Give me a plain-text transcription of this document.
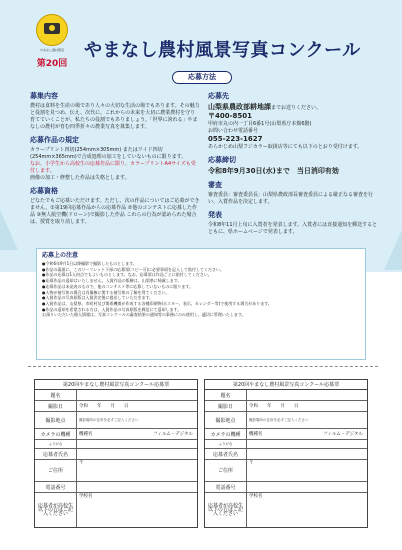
やまなし農村風景
第20回
やまなし農村風景写真コンクール
応募方法
募集内容
農村は食料を生産の場であり人々の大切な生活の場でもあります。その魅力と役割を見つめ、伝え、次代に、これからの未来を大切に農業農村を守り育てていくことが、私たちの役割でもありましょう。「世界に誇れる」やまなしの農村が育む四季折々の農業写真を募集します。
応募作品の規定
カラープリント四切(254mm×305mm) またはワイド四切(254mm×365mm)で合成処理の加工をしていないものに限ります。
なお、小学生から高校生の応募作品に限り、カラープリントA4サイズも受付します。
画像の加工・修整した作品は失格とします。
応募資格
どなたでもご応募いただけます。ただし、次の作品についてはご応募ができません。①第19回応募作品からの応募作品 ②他のコンテストに応募した作品 ③無人航空機(ドローン)で撮影した作品 これらの行為が認められた場合は、授賞を取り消します。
応募先
山梨県農政部耕地課までお送りください。
〒400-8501
甲府市丸の内一丁目6番1号(山梨県庁本館6階)
お問い合わせ電話番号
055-223-1627
あらかじめ山梨フジカラー取扱店等にても以下のとおり受付けます。
応募締切
令和8年9月30日(水)まで　当日消印有効
審査
審査委員：審査委員長：山梨県農政部長審査委員による厳正なる審査を行い、入賞作品を決定します。
発表
令和8年11月上旬に入賞者を発表します。入賞者には直接通知を郵送するとともに、県ホームページで発表します。
応募上の注意

●令和6年9月1日以降撮影で撮影したものとします。

●作品の裏面に、このリーフレット下部の応募票(コピー可)に必要事項を記入して貼付してください。

●作品の応募は1人何点でもよいものとします。なお、応募票は作品ごとに貼付してください。

●応募作品の返却はいたしません。入賞作品の版権は、山梨県に帰属します。

●応募作品は未発表のもので、他のコンテスト等に応募していないものに限ります。

●人物が被写体の場合は肖像権に関する被写体の了解を得てください。

●入賞作品の写真原版は入賞決定後に提出していただきます。

●入賞作品は、山梨県、市町村及び関係機関が作成する各種印刷物(ポスター、表示、カレンダー等)で使用する場合があります。

●作品の返却を希望される方は、入賞作品の写真原版を郵送にて返却します。

お預りいただいた個人情報は、写真コンクールの審査結果の通知等の事務にのみ使用し、適切に管理いたします。

第20回やまなし農村風景写真コンクール応募票
題名
撮影日	令和　　年　　月　　日
撮影地点	撮影場所の住所を必ずご記入ください
カメラの機種	機種名	フィルム・デジタル
ふりがな
応募者氏名
ご住所
〒
電話番号
応募者が高校生以下の方はご記入ください
学校名
第20回やまなし農村風景写真コンクール応募票
題名
撮影日	令和　　年　　月　　日
撮影地点	撮影場所の住所を必ずご記入ください
カメラの機種	機種名	フィルム・デジタル
ふりがな
応募者氏名
ご住所
〒
電話番号
応募者が高校生以下の方はご記入ください
学校名
